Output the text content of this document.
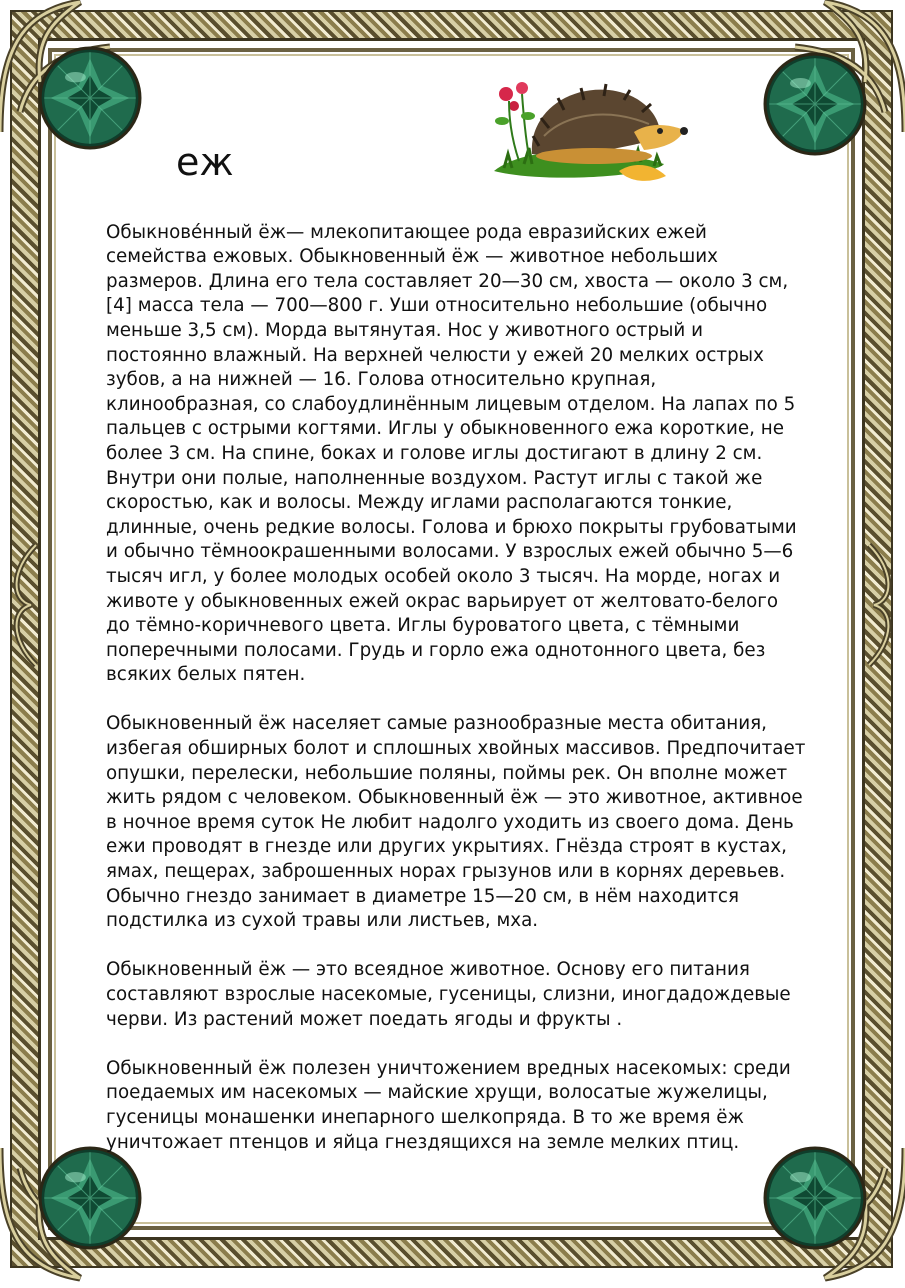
еж

Обыкнове́нный ёж— млекопитающее рода евразийских ежей семейства ежовых. Обыкновенный ёж — животное небольших размеров. Длина его тела составляет 20—30 см, хвоста — около 3 см,[4] масса тела — 700—800 г. Уши относительно небольшие (обычно меньше 3,5 см). Морда вытянутая. Нос у животного острый и постоянно влажный. На верхней челюсти у ежей 20 мелких острых зубов, а на нижней — 16. Голова относительно крупная, клинообразная, со слабоудлинённым лицевым отделом. На лапах по 5 пальцев с острыми когтями. Иглы у обыкновенного ежа короткие, не более 3 см. На спине, боках и голове иглы достигают в длину 2 см. Внутри они полые, наполненные воздухом. Растут иглы с такой же скоростью, как и волосы. Между иглами располагаются тонкие, длинные, очень редкие волосы. Голова и брюхо покрыты грубоватыми и обычно тёмноокрашенными волосами. У взрослых ежей обычно 5—6 тысяч игл, у более молодых особей около 3 тысяч. На морде, ногах и животе у обыкновенных ежей окрас варьирует от желтовато-белого до тёмно-коричневого цвета. Иглы буроватого цвета, с тёмными поперечными полосами. Грудь и горло ежа однотонного цвета, без всяких белых пятен.

Обыкновенный ёж населяет самые разнообразные места обитания, избегая обширных болот и сплошных хвойных массивов. Предпочитает опушки, перелески, небольшие поляны, поймы рек. Он вполне может жить рядом с человеком. Обыкновенный ёж — это животное, активное в ночное время суток Не любит надолго уходить из своего дома. День ежи проводят в гнезде или других укрытиях. Гнёзда строят в кустах, ямах, пещерах, заброшенных норах грызунов или в корнях деревьев. Обычно гнездо занимает в диаметре 15—20 см, в нём находится подстилка из сухой травы или листьев, мха.

Обыкновенный ёж — это всеядное животное. Основу его питания составляют взрослые насекомые, гусеницы, слизни, иногдадождевые черви. Из растений может поедать ягоды и фрукты .

Обыкновенный ёж полезен уничтожением вредных насекомых: среди поедаемых им насекомых — майские хрущи, волосатые жужелицы, гусеницы монашенки инепарного шелкопряда. В то же время ёж уничтожает птенцов и яйца гнездящихся на земле мелких птиц.
